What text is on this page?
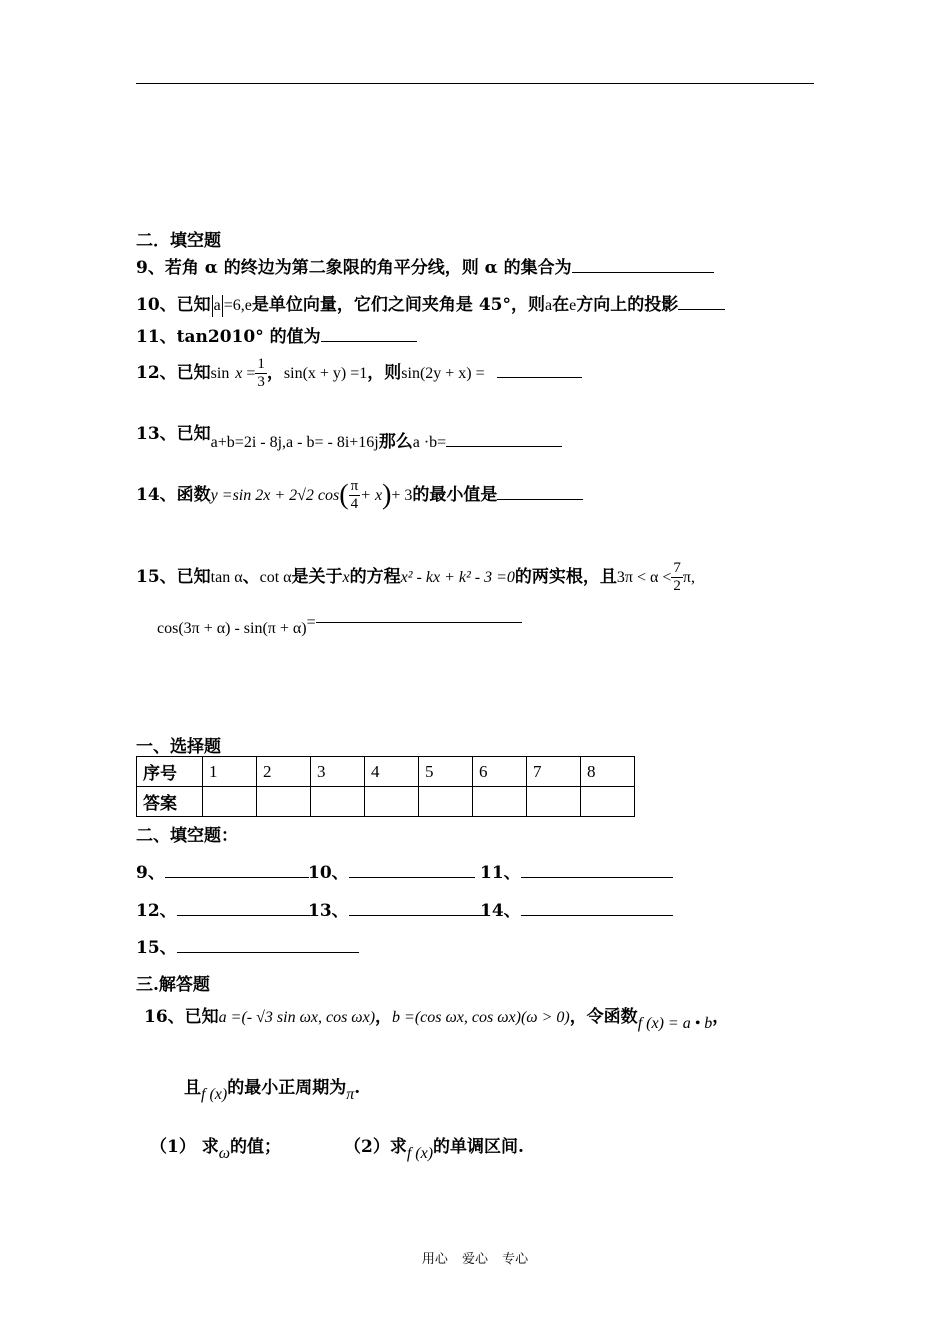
二．填空题
9、若角 α 的终边为第二象限的角平分线，则 α 的集合为
10、已知 a =6,e是单位向量，它们之间夹角是 45°，则a在e方向上的投影
11、tan2010° 的值为
12、已知$\sin x = \frac{1}{3}$ ，sin(x + y) =1，则sin(2y + x) =
13、已知a+b=2i - 8j,a - b= - 8i+16j那么a ·b=
14、函数y =sin 2x + 2√2 $\cos( \frac{\pi}{4} + x)+ 3$的最小值是
15、已知tan α、cot α是关于x的方程x² - kx + k² - 3 =0的两实根，且$3\pi < \alpha < \frac{7}{2} \pi$,
cos(3π + α) - sin(π + α)=
一、选择题
序号	1	2	3	4	5	6	7	8
答案								
二、填空题：
9、	10、	11、
12、	13、	14、
15、
三.解答题
16、已知a =(- √3 sin ωx, cos ωx)，b =(cos ωx, cos ωx)(ω > 0)，令函数f (x) = a • b，
且f (x)的最小正周期为π.
（1） 求ω的值；	（2）求f (x)的单调区间.
用心 爱心 专心
